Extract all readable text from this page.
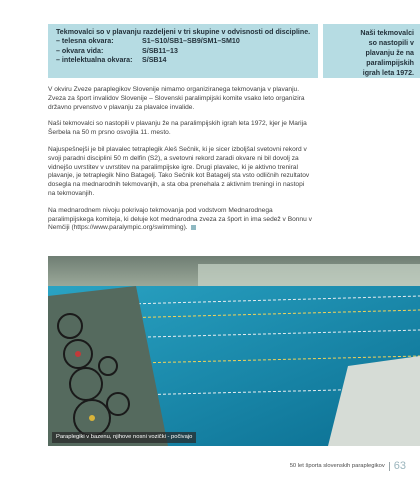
Tekmovalci so v plavanju razdeljeni v tri skupine v odvisnosti od discipline.

– telesna okvara:	S1–S10/SB1–SB9/SM1–SM10
– okvara vida:	S/SB11–13
– intelektualna okvara:	S/SB14
Naši tekmovalci
so nastopili v
plavanju že na
paralimpijskih
igrah leta 1972.

V okviru Zveze paraplegikov Slovenije nimamo organiziranega tekmovanja v plavanju. Zveza za šport invalidov Slovenije – Slovenski paralimpijski komite vsako leto organizira državno prvenstvo v plavanju za plavalce invalide.

Naši tekmovalci so nastopili v plavanju že na paralimpijskih igrah leta 1972, kjer je Marija Šerbela na 50 m prsno osvojila 11. mesto.

Najuspešnejši je bil plavalec tetraplegik Aleš Sečnik, ki je sicer izboljšal svetovni rekord v svoji paradni disciplini 50 m delfin (S2), a svetovni rekord zaradi okvare ni bil dovolj za vidnejšo uvrstitev v uvrstitev na paralimpijske igre. Drugi plavalec, ki je aktivno treniral plavanje, je tetraplegik Nino Batagelj. Tako Sečnik kot Batagelj sta vsto odličnih rezultatov dosegla na mednarodnih tekmovanjih, a sta oba prenehala z aktivnim treningi in nastopi na tekmovanjih.

Na mednarodnem nivoju pokrivajo tekmovanja pod vodstvom Mednarodnega paralimpijskega komiteja, ki deluje kot mednarodna zveza za šport in ima sedež v Bonnu v Nemčiji (https://www.paralympic.org/swimming).

Paraplegiki v bazenu, njihove nosni vozički - počivajo
50 let športa slovenskih paraplegikov 63
